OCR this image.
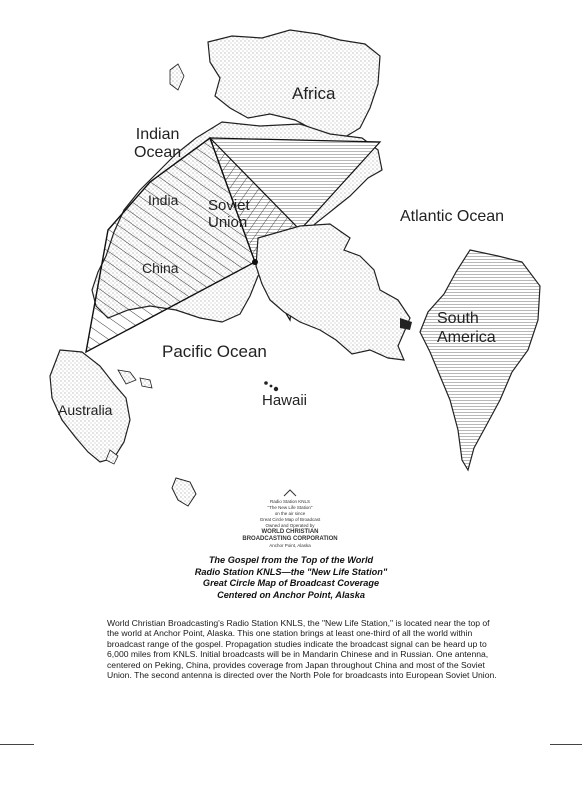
Africa
Indian
Ocean
India Soviet
Union	Atlantic Ocean
China
South
America
Pacific Ocean
Hawaii
Australia
Radio Station KNLS
"The New Life Station"
on the air since
Great Circle Map of Broadcast
Owned and Operated by
WORLD CHRISTIAN
BROADCASTING CORPORATION
Anchor Point, Alaska
The Gospel from the Top of the World
Radio Station KNLS—the "New Life Station"
Great Circle Map of Broadcast Coverage
Centered on Anchor Point, Alaska
World Christian Broadcasting's Radio Station KNLS, the "New Life Station," is located near the top of the world at Anchor Point, Alaska. This one station brings at least one-third of all the world within broadcast range of the gospel. Propagation studies indicate the broadcast signal can be heard up to 6,000 miles from KNLS. Initial broadcasts will be in Mandarin Chinese and in Russian. One antenna, centered on Peking, China, provides coverage from Japan throughout China and most of the Soviet Union. The second antenna is directed over the North Pole for broadcasts into European Soviet Union.
